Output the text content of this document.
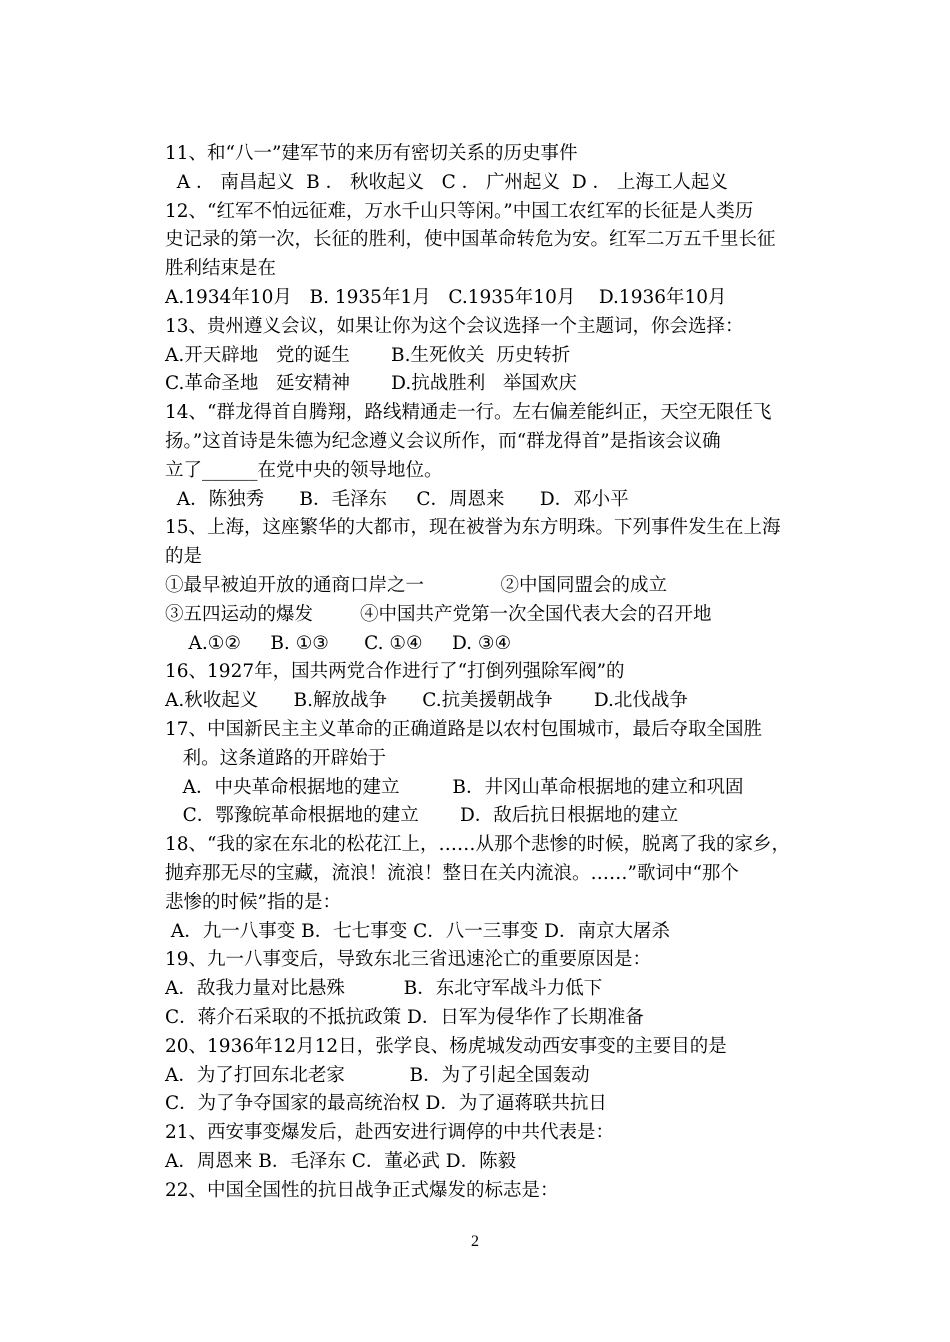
11、和“八一”建军节的来历有密切关系的历史事件
A ． 南昌起义  B ． 秋收起义   C ． 广州起义  D ． 上海工人起义
12、“红军不怕远征难，万水千山只等闲。”中国工农红军的长征是人类历
史记录的第一次，长征的胜利，使中国革命转危为安。红军二万五千里长征
胜利结束是在
A.1934年10月   B. 1935年1月   C.1935年10月    D.1936年10月
13、贵州遵义会议，如果让你为这个会议选择一个主题词，你会选择：
A.开天辟地   党的诞生       B.生死攸关  历史转折
C.革命圣地   延安精神       D.抗战胜利   举国欢庆
14、“群龙得首自腾翔，路线精通走一行。左右偏差能纠正，天空无限任飞
扬。”这首诗是朱德为纪念遵义会议所作，而“群龙得首”是指该会议确
立了______在党中央的领导地位。
A．陈独秀      B．毛泽东     C．周恩来      D．邓小平
15、上海，这座繁华的大都市，现在被誉为东方明珠。下列事件发生在上海
的是
①最早被迫开放的通商口岸之一             ②中国同盟会的成立
③五四运动的爆发        ④中国共产党第一次全国代表大会的召开地
A.①②     B. ①③      C. ①④     D. ③④
16、1927年，国共两党合作进行了“打倒列强除军阀”的
A.秋收起义      B.解放战争      C.抗美援朝战争       D.北伐战争
17、中国新民主主义革命的正确道路是以农村包围城市，最后夺取全国胜
利。这条道路的开辟始于
A．中央革命根据地的建立         B．井冈山革命根据地的建立和巩固
C．鄂豫皖革命根据地的建立       D．敌后抗日根据地的建立
18、“我的家在东北的松花江上，……从那个悲惨的时候，脱离了我的家乡，
抛弃那无尽的宝藏，流浪！流浪！整日在关内流浪。……”歌词中“那个
悲惨的时候”指的是：
A．九一八事变 B．七七事变 C．八一三事变 D．南京大屠杀
19、九一八事变后，导致东北三省迅速沦亡的重要原因是：
A．敌我力量对比悬殊          B．东北守军战斗力低下
C．蒋介石采取的不抵抗政策 D．日军为侵华作了长期准备
20、1936年12月12日，张学良、杨虎城发动西安事变的主要目的是
A．为了打回东北老家           B．为了引起全国轰动
C．为了争夺国家的最高统治权 D．为了逼蒋联共抗日
21、西安事变爆发后，赴西安进行调停的中共代表是：
A．周恩来 B．毛泽东 C．董必武 D．陈毅
22、中国全国性的抗日战争正式爆发的标志是：
2
